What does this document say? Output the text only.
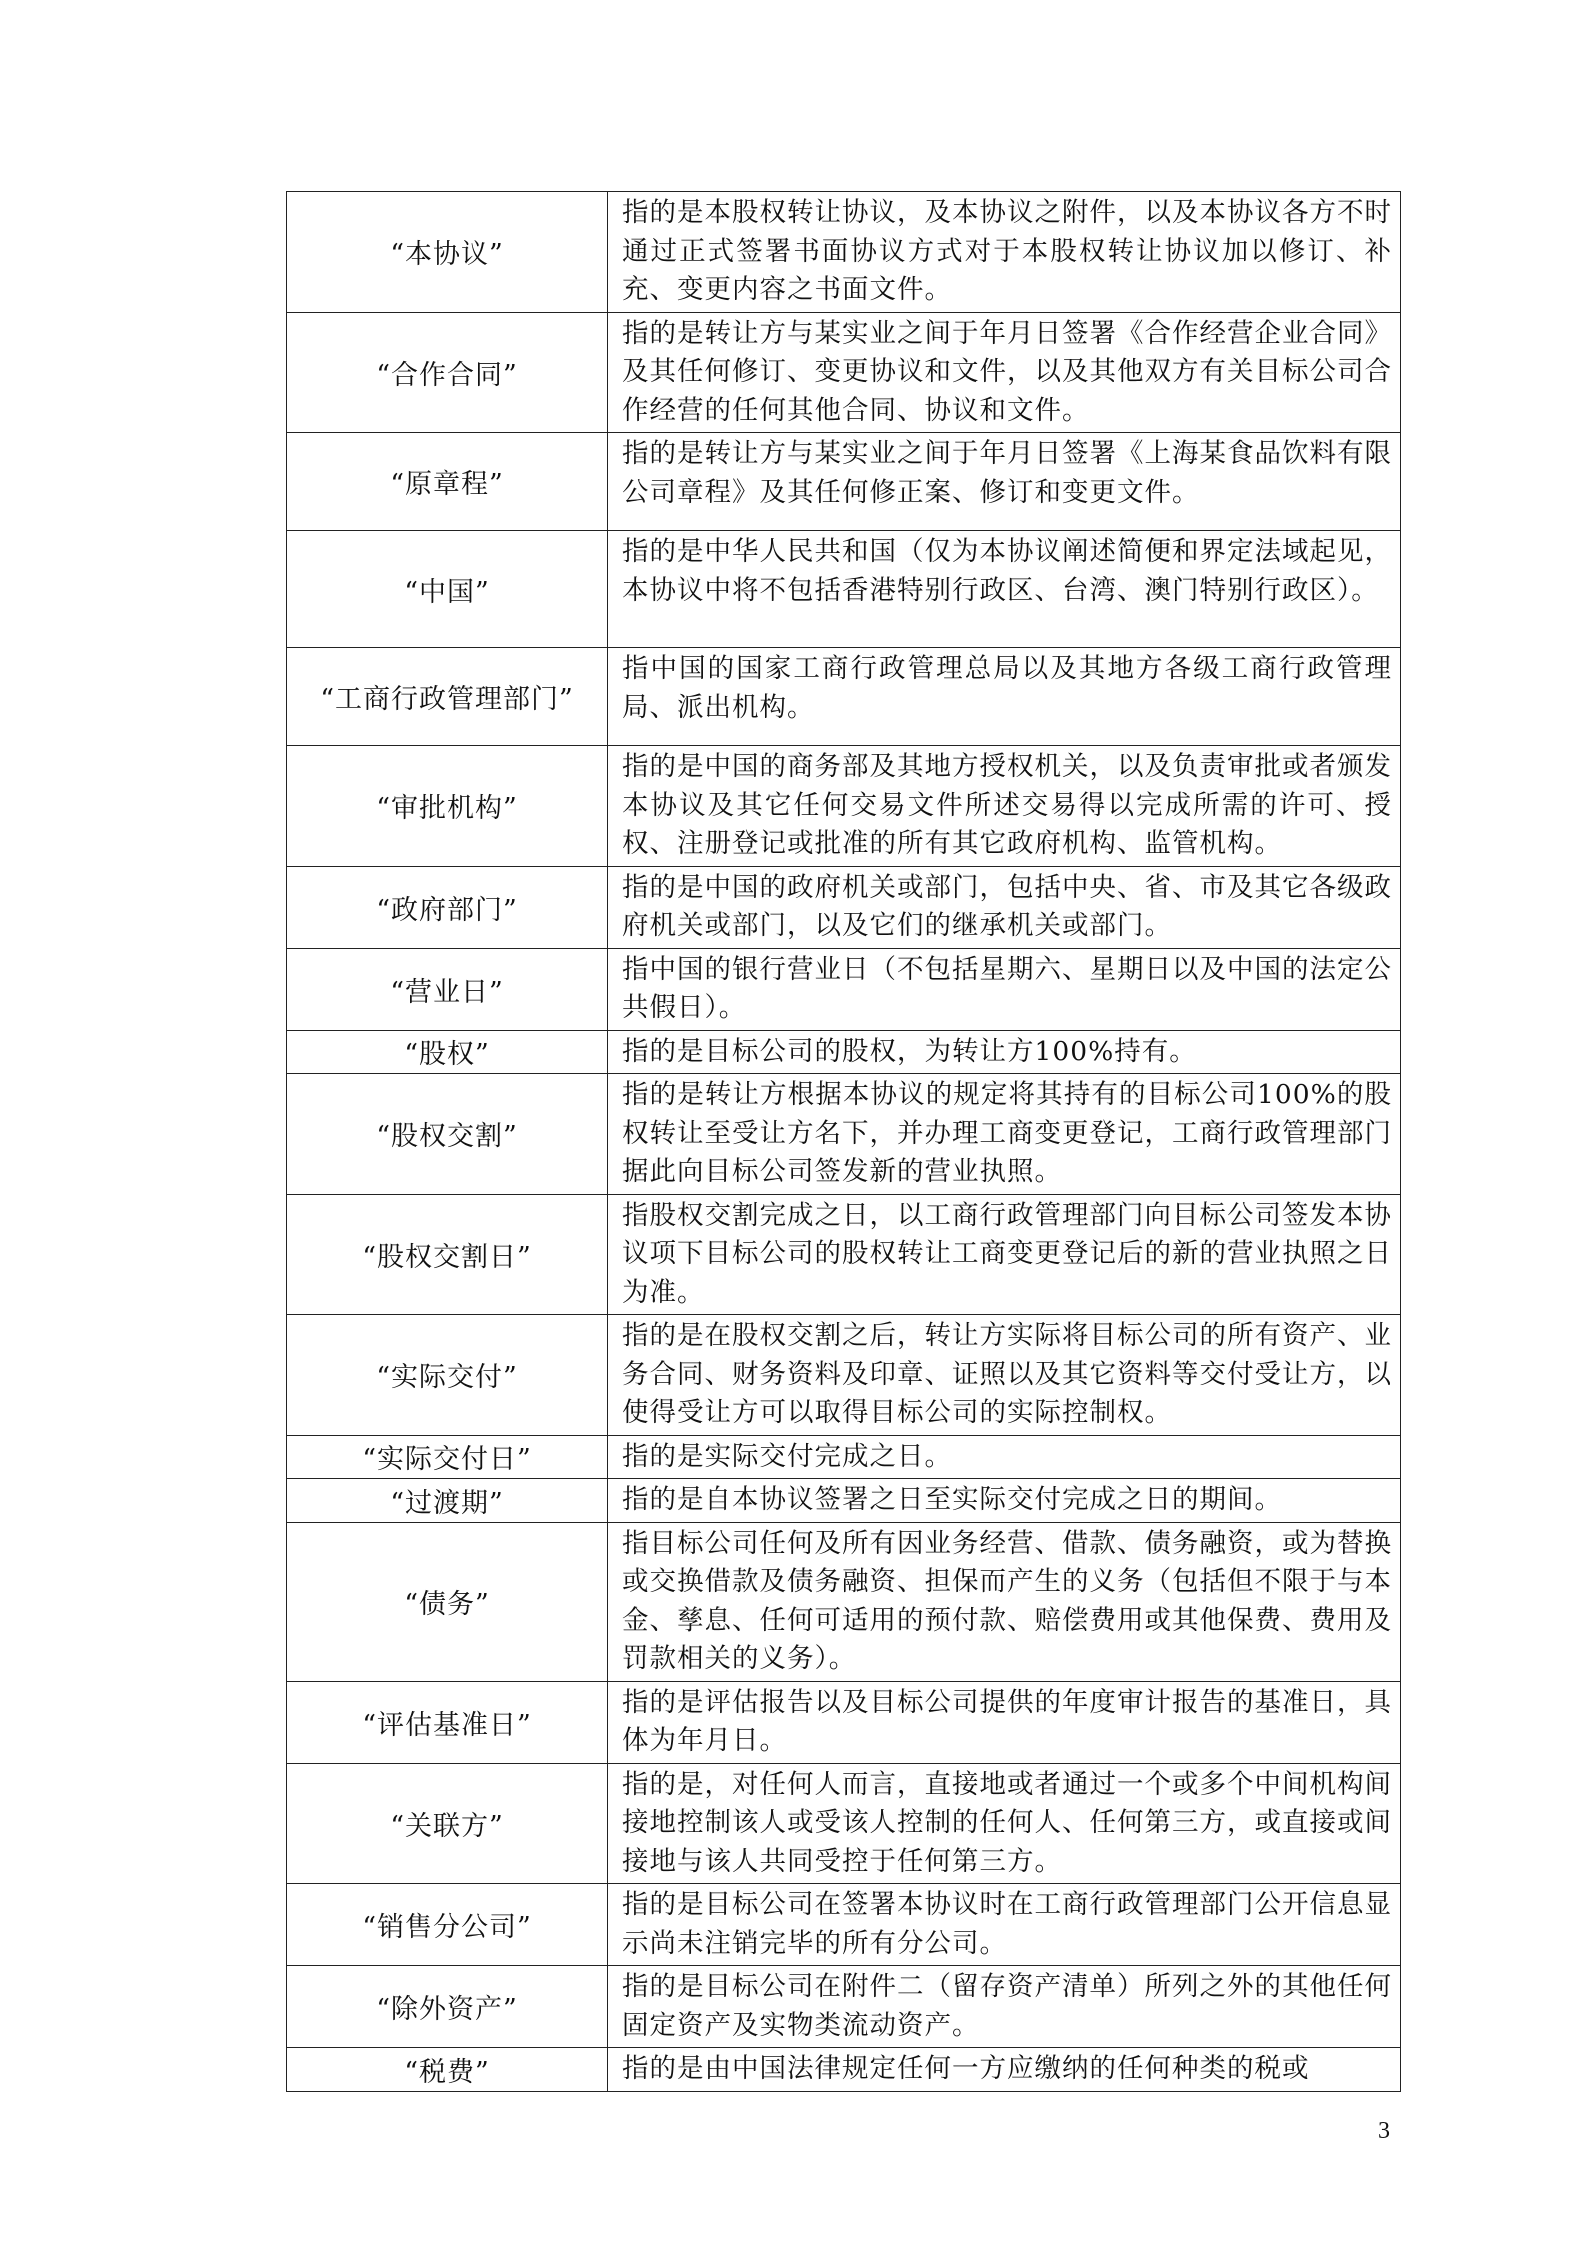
“本协议”	指的是本股权转让协议，及本协议之附件，以及本协议各方不时通过正式签署书面协议方式对于本股权转让协议加以修订、补充、变更内容之书面文件。
“合作合同”	指的是转让方与某实业之间于年月日签署《合作经营企业合同》及其任何修订、变更协议和文件，以及其他双方有关目标公司合作经营的任何其他合同、协议和文件。
“原章程”	指的是转让方与某实业之间于年月日签署《上海某食品饮料有限公司章程》及其任何修正案、修订和变更文件。
“中国”	指的是中华人民共和国（仅为本协议阐述简便和界定法域起见，本协议中将不包括香港特别行政区、台湾、澳门特别行政区）。
“工商行政管理部门”	指中国的国家工商行政管理总局以及其地方各级工商行政管理局、派出机构。
“审批机构”	指的是中国的商务部及其地方授权机关，以及负责审批或者颁发本协议及其它任何交易文件所述交易得以完成所需的许可、授权、注册登记或批准的所有其它政府机构、监管机构。
“政府部门”	指的是中国的政府机关或部门，包括中央、省、市及其它各级政府机关或部门，以及它们的继承机关或部门。
“营业日”	指中国的银行营业日（不包括星期六、星期日以及中国的法定公共假日）。
“股权”	指的是目标公司的股权，为转让方100%持有。
“股权交割”	指的是转让方根据本协议的规定将其持有的目标公司100%的股权转让至受让方名下，并办理工商变更登记，工商行政管理部门据此向目标公司签发新的营业执照。
“股权交割日”	指股权交割完成之日，以工商行政管理部门向目标公司签发本协议项下目标公司的股权转让工商变更登记后的新的营业执照之日为准。
“实际交付”	指的是在股权交割之后，转让方实际将目标公司的所有资产、业务合同、财务资料及印章、证照以及其它资料等交付受让方，以使得受让方可以取得目标公司的实际控制权。
“实际交付日”	指的是实际交付完成之日。
“过渡期”	指的是自本协议签署之日至实际交付完成之日的期间。
“债务”	指目标公司任何及所有因业务经营、借款、债务融资，或为替换或交换借款及债务融资、担保而产生的义务（包括但不限于与本金、孳息、任何可适用的预付款、赔偿费用或其他保费、费用及罚款相关的义务）。
“评估基准日”	指的是评估报告以及目标公司提供的年度审计报告的基准日，具体为年月日。
“关联方”	指的是，对任何人而言，直接地或者通过一个或多个中间机构间接地控制该人或受该人控制的任何人、任何第三方，或直接或间接地与该人共同受控于任何第三方。
“销售分公司”	指的是目标公司在签署本协议时在工商行政管理部门公开信息显示尚未注销完毕的所有分公司。
“除外资产”	指的是目标公司在附件二（留存资产清单）所列之外的其他任何固定资产及实物类流动资产。
“税费”	指的是由中国法律规定任何一方应缴纳的任何种类的税或
3
